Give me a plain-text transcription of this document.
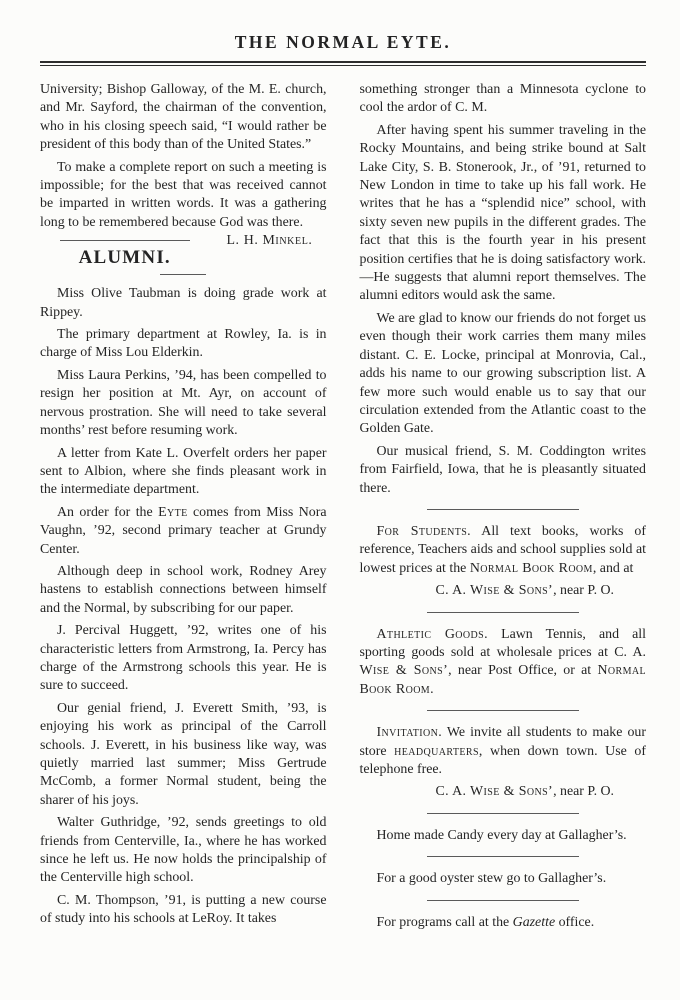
THE NORMAL EYTE.

University; Bishop Galloway, of the M. E. church, and Mr. Sayford, the chairman of the convention, who in his closing speech said, “I would rather be president of this body than of the United States.”

To make a complete report on such a meeting is impossible; for the best that was received cannot be imparted in written words. It was a gathering long to be remembered because God was there.
L. H. Minkel.

ALUMNI.

Miss Olive Taubman is doing grade work at Rippey.

The primary department at Rowley, Ia. is in charge of Miss Lou Elderkin.

Miss Laura Perkins, ’94, has been compelled to resign her position at Mt. Ayr, on account of nervous prostration. She will need to take several months’ rest before resuming work.

A letter from Kate L. Overfelt orders her paper sent to Albion, where she finds pleasant work in the intermediate department.

An order for the Eyte comes from Miss Nora Vaughn, ’92, second primary teacher at Grundy Center.

Although deep in school work, Rodney Arey hastens to establish connections between himself and the Normal, by subscribing for our paper.

J. Percival Huggett, ’92, writes one of his characteristic letters from Armstrong, Ia. Percy has charge of the Armstrong schools this year. He is sure to succeed.

Our genial friend, J. Everett Smith, ’93, is enjoying his work as principal of the Carroll schools. J. Everett, in his business like way, was quietly married last summer; Miss Gertrude McComb, a former Normal student, being the sharer of his joys.

Walter Guthridge, ’92, sends greetings to old friends from Centerville, Ia., where he has worked since he left us. He now holds the principalship of the Centerville high school.

C. M. Thompson, ’91, is putting a new course of study into his schools at LeRoy. It takes

something stronger than a Minnesota cyclone to cool the ardor of C. M.

After having spent his summer traveling in the Rocky Mountains, and being strike bound at Salt Lake City, S. B. Stonerook, Jr., of ’91, returned to New London in time to take up his fall work. He writes that he has a “splendid nice” school, with sixty seven new pupils in the different grades. The fact that this is the fourth year in his present position certifies that he is doing satisfactory work.—He suggests that alumni report themselves. The alumni editors would ask the same.

We are glad to know our friends do not forget us even though their work carries them many miles distant. C. E. Locke, principal at Monrovia, Cal., adds his name to our growing subscription list. A few more such would enable us to say that our circulation extended from the Atlantic coast to the Golden Gate.

Our musical friend, S. M. Coddington writes from Fairfield, Iowa, that he is pleasantly situated there.

For Students. All text books, works of reference, Teachers aids and school supplies sold at lowest prices at the Normal Book Room, and at

C. A. Wise & Sons’, near P. O.

Athletic Goods. Lawn Tennis, and all sporting goods sold at wholesale prices at C. A. Wise & Sons’, near Post Office, or at Normal Book Room.

Invitation. We invite all students to make our store headquarters, when down town. Use of telephone free.

C. A. Wise & Sons’, near P. O.

Home made Candy every day at Gallagher’s.

For a good oyster stew go to Gallagher’s.

For programs call at the Gazette office.
